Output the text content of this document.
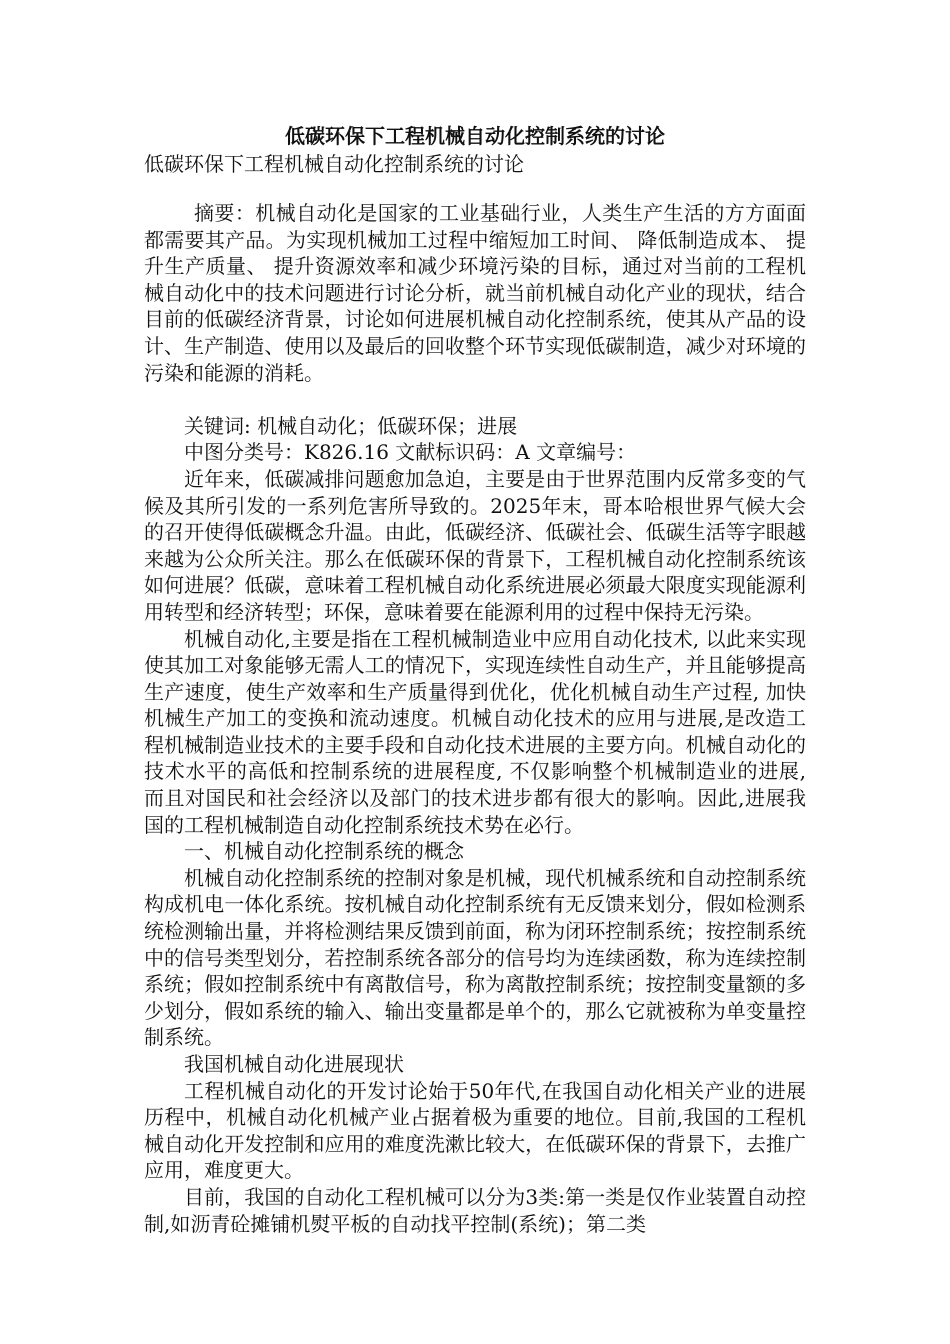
低碳环保下工程机械自动化控制系统的讨论

低碳环保下工程机械自动化控制系统的讨论

摘要：机械自动化是国家的工业基础行业，人类生产生活的方方面面都需要其产品。为实现机械加工过程中缩短加工时间、 降低制造成本、 提升生产质量、 提升资源效率和减少环境污染的目标，通过对当前的工程机械自动化中的技术问题进行讨论分析，就当前机械自动化产业的现状，结合目前的低碳经济背景，讨论如何进展机械自动化控制系统，使其从产品的设计、生产制造、使用以及最后的回收整个环节实现低碳制造，减少对环境的污染和能源的消耗。

关键词: 机械自动化；低碳环保；进展

中图分类号：K826.16 文献标识码：A 文章编号：

近年来，低碳减排问题愈加急迫，主要是由于世界范围内反常多变的气候及其所引发的一系列危害所导致的。2025年末，哥本哈根世界气候大会的召开使得低碳概念升温。由此，低碳经济、低碳社会、低碳生活等字眼越来越为公众所关注。那么在低碳环保的背景下，工程机械自动化控制系统该如何进展？低碳，意味着工程机械自动化系统进展必须最大限度实现能源利用转型和经济转型；环保，意味着要在能源利用的过程中保持无污染。

机械自动化,主要是指在工程机械制造业中应用自动化技术, 以此来实现使其加工对象能够无需人工的情况下，实现连续性自动生产，并且能够提高生产速度，使生产效率和生产质量得到优化，优化机械自动生产过程, 加快机械生产加工的变换和流动速度。机械自动化技术的应用与进展,是改造工程机械制造业技术的主要手段和自动化技术进展的主要方向。机械自动化的技术水平的高低和控制系统的进展程度, 不仅影响整个机械制造业的进展, 而且对国民和社会经济以及部门的技术进步都有很大的影响。因此,进展我国的工程机械制造自动化控制系统技术势在必行。

一、机械自动化控制系统的概念

机械自动化控制系统的控制对象是机械，现代机械系统和自动控制系统构成机电一体化系统。按机械自动化控制系统有无反馈来划分，假如检测系统检测输出量，并将检测结果反馈到前面，称为闭环控制系统；按控制系统中的信号类型划分，若控制系统各部分的信号均为连续函数，称为连续控制系统；假如控制系统中有离散信号，称为离散控制系统；按控制变量额的多少划分，假如系统的输入、输出变量都是单个的，那么它就被称为单变量控制系统。

我国机械自动化进展现状

工程机械自动化的开发讨论始于50年代,在我国自动化相关产业的进展历程中，机械自动化机械产业占据着极为重要的地位。目前,我国的工程机械自动化开发控制和应用的难度洗漱比较大，在低碳环保的背景下，去推广应用，难度更大。

目前，我国的自动化工程机械可以分为3类:第一类是仅作业装置自动控制,如沥青砼摊铺机熨平板的自动找平控制(系统)；第二类
